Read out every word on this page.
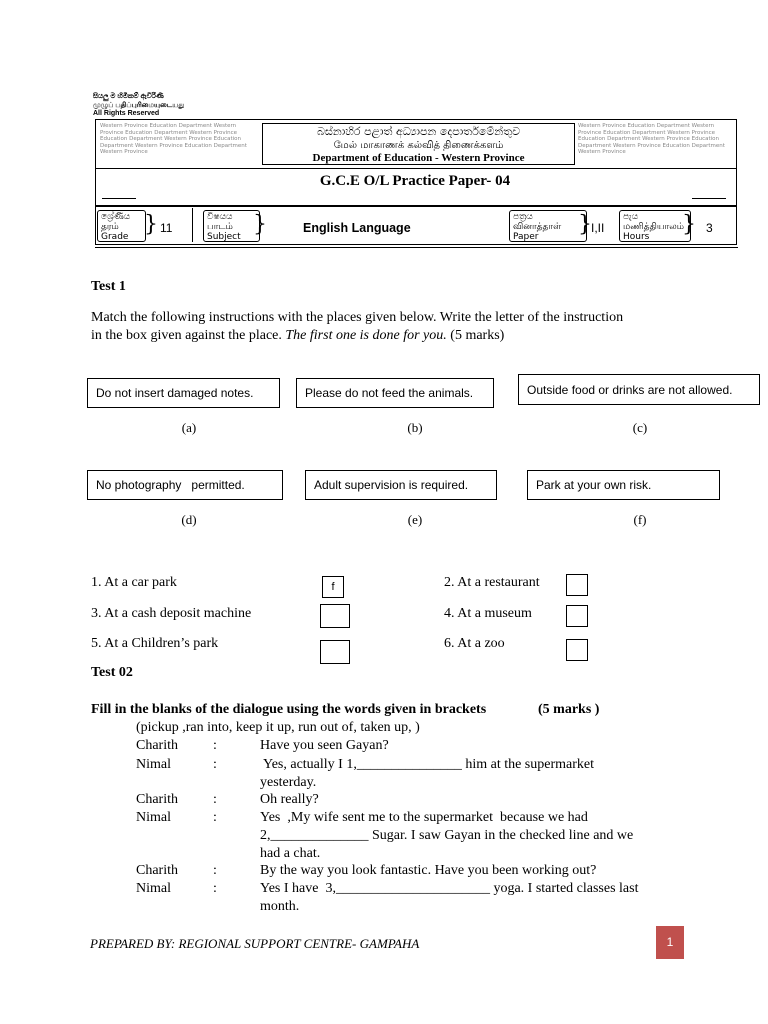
සියලු ම හිමිකම් ඇවිරිණි
முழுப் பதிப்புரிமையுடையது
All Rights Reserved
Western Province Education Department Western Province Education Department Western Province Education Department Western Province Education Department Western Province Education Department Western Province
Western Province Education Department Western Province Education Department Western Province Education Department Western Province Education Department Western Province Education Department Western Province
බස්නාහිර පළාත් අධ්‍යාපන දෙපාර්තමේන්තුව
மேல் மாகாணக் கல்வித் திணைக்களம்
Department of Education - Western Province
G.C.E O/L Practice Paper- 04
ශ්‍රේණිය
தரம்
Grade } 11
විෂයය
பாடம்
Subject }	English Language
පත්‍රය
வினாத்தாள்
Paper	} I,II
පැය
மணித்தியாலம்
Hours	} 3
Test 1
Match the following instructions with the places given below. Write the letter of the instruction
in the box given against the place. The first one is done for you. (5 marks)
Do not insert damaged notes.	Please do not feed the animals.	Outside food or drinks are not allowed.
(a)	(b)	(c)
No photography   permitted.	Adult supervision is required.	Park at your own risk.
(d)	(e)	(f)
1. At a car park	f	2. At a restaurant
3. At a cash deposit machine	4. At a museum
5. At a Children’s park	6. At a zoo
Test 02
Fill in the blanks of the dialogue using the words given in brackets	(5 marks )
(pickup ,ran into, keep it up, run out of, taken up, )
Charith	:	Have you seen Gayan?
Nimal	:	Yes, actually I 1,_______________ him at the supermarket
yesterday.
Charith	:	Oh really?
Nimal	:	Yes  ,My wife sent me to the supermarket  because we had
2,______________ Sugar. I saw Gayan in the checked line and we
had a chat.
Charith	:	By the way you look fantastic. Have you been working out?
Nimal	:	Yes I have  3,______________________ yoga. I started classes last
month.
PREPARED BY: REGIONAL SUPPORT CENTRE- GAMPAHA	1
